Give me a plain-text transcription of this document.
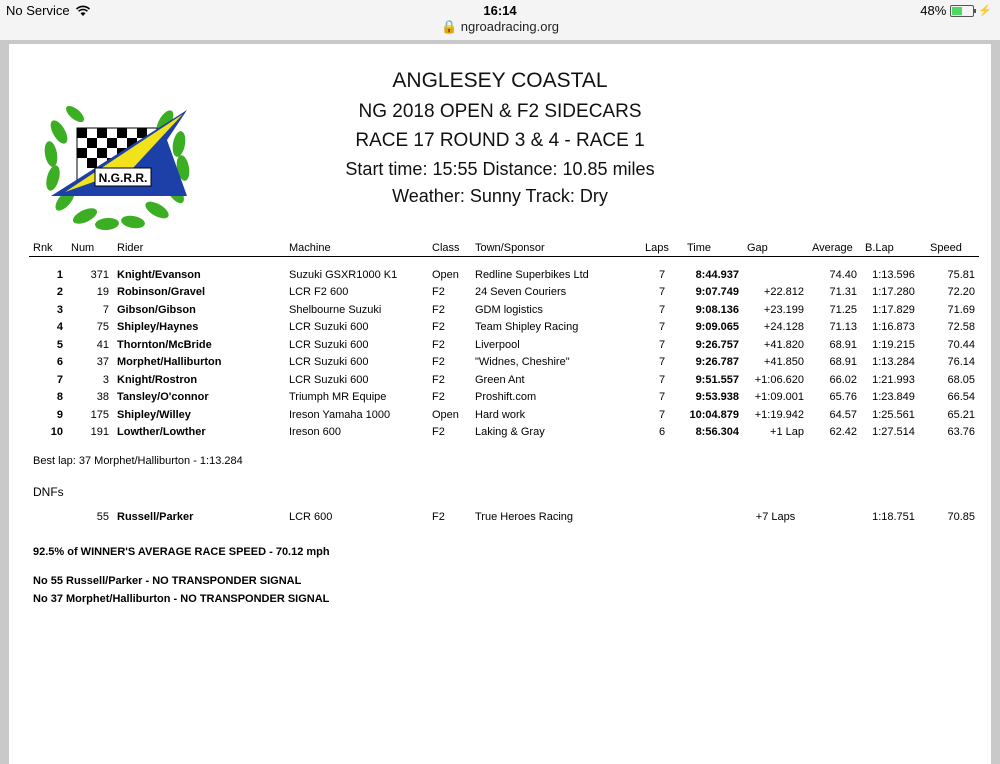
No Service	16:14
🔒 ngroadracing.org
48%	⚡
N.G.R.R.
ANGLESEY COASTAL
NG 2018 OPEN & F2 SIDECARS
RACE 17 ROUND 3 & 4 - RACE 1
Start time: 15:55 Distance: 10.85 miles
Weather: Sunny Track: Dry
Rnk	Num	Rider	Machine	Class	Town/Sponsor	Laps	Time	Gap	Average	B.Lap	Speed

1	371	Knight/Evanson	Suzuki GSXR1000 K1	Open	Redline Superbikes Ltd	7	8:44.937		74.40	1:13.596	75.81
2	19	Robinson/Gravel	LCR F2 600	F2	24 Seven Couriers	7	9:07.749	+22.812	71.31	1:17.280	72.20
3	7	Gibson/Gibson	Shelbourne Suzuki	F2	GDM logistics	7	9:08.136	+23.199	71.25	1:17.829	71.69
4	75	Shipley/Haynes	LCR Suzuki 600	F2	Team Shipley Racing	7	9:09.065	+24.128	71.13	1:16.873	72.58
5	41	Thornton/McBride	LCR Suzuki 600	F2	Liverpool	7	9:26.757	+41.820	68.91	1:19.215	70.44
6	37	Morphet/Halliburton	LCR Suzuki 600	F2	"Widnes, Cheshire"	7	9:26.787	+41.850	68.91	1:13.284	76.14
7	3	Knight/Rostron	LCR Suzuki 600	F2	Green Ant	7	9:51.557	+1:06.620	66.02	1:21.993	68.05
8	38	Tansley/O'connor	Triumph MR Equipe	F2	Proshift.com	7	9:53.938	+1:09.001	65.76	1:23.849	66.54
9	175	Shipley/Willey	Ireson Yamaha 1000	Open	Hard work	7	10:04.879	+1:19.942	64.57	1:25.561	65.21
10	191	Lowther/Lowther	Ireson 600	F2	Laking & Gray	6	8:56.304	+1 Lap	62.42	1:27.514	63.76
Best lap: 37 Morphet/Halliburton - 1:13.284
DNFs
	55	Russell/Parker	LCR 600	F2	True Heroes Racing			+7 Laps		1:18.751	70.85
92.5% of WINNER'S AVERAGE RACE SPEED - 70.12 mph
No 55 Russell/Parker - NO TRANSPONDER SIGNAL
No 37 Morphet/Halliburton - NO TRANSPONDER SIGNAL
